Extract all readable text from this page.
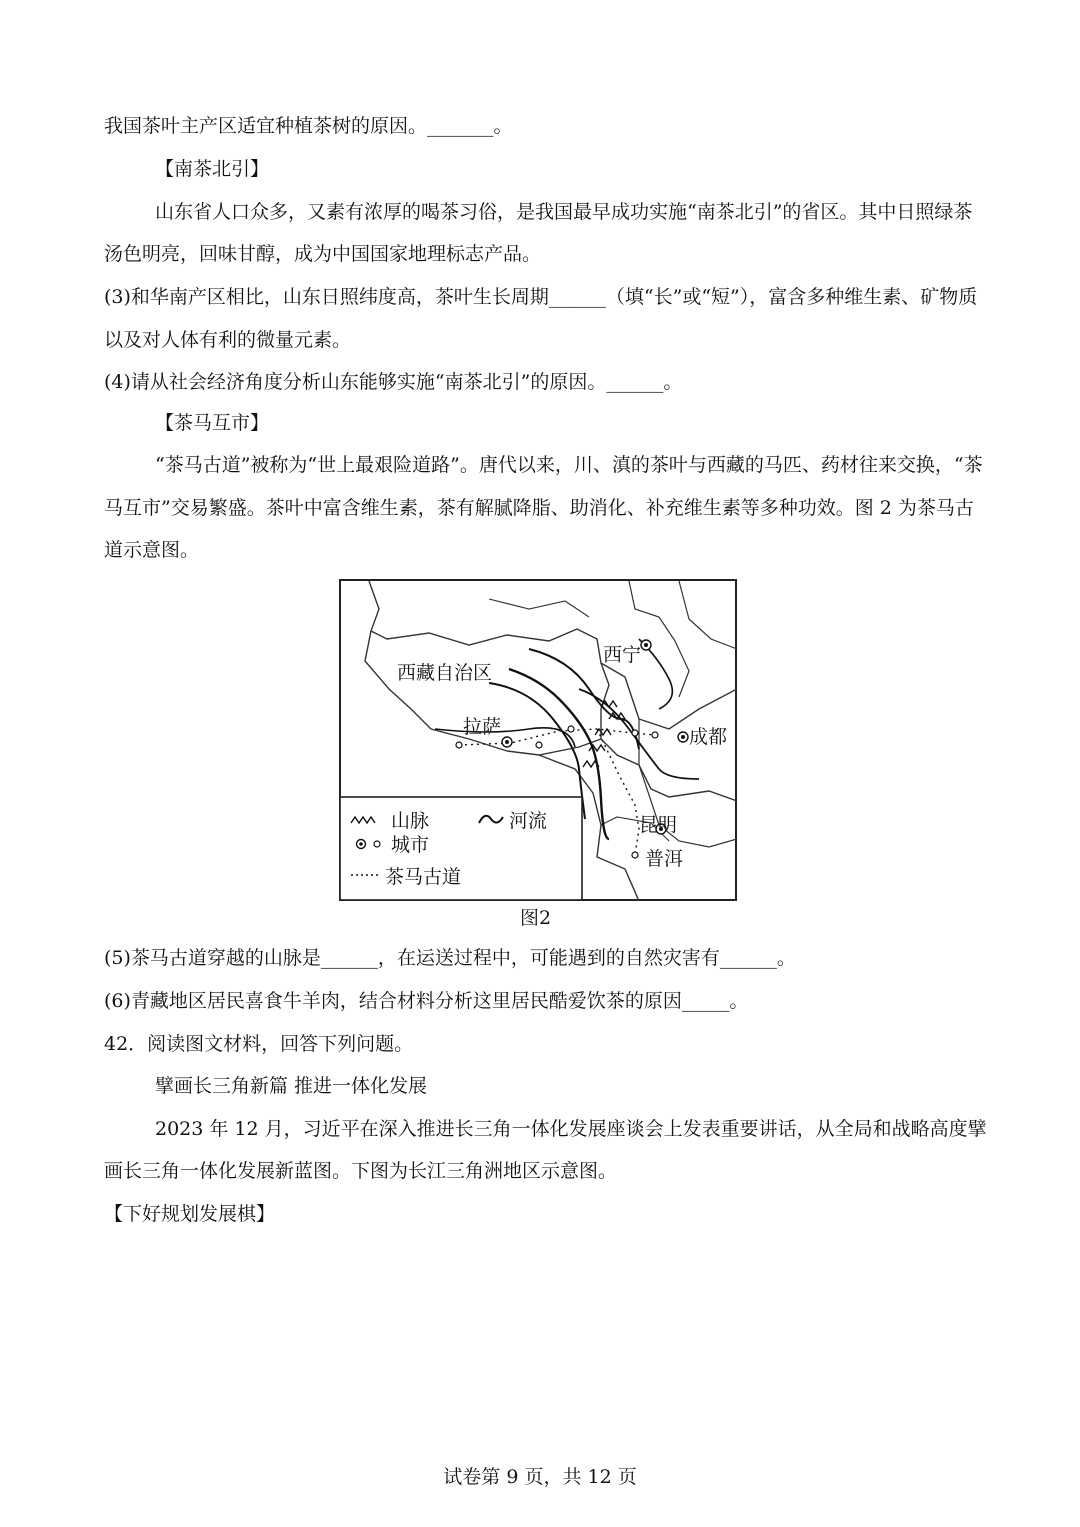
我国茶叶主产区适宜种植茶树的原因。_______。
【南茶北引】
山东省人口众多，又素有浓厚的喝茶习俗，是我国最早成功实施“南茶北引”的省区。其中日照绿茶
汤色明亮，回味甘醇，成为中国国家地理标志产品。
(3)和华南产区相比，山东日照纬度高，茶叶生长周期______（填“长”或“短”），富含多种维生素、矿物质
以及对人体有利的微量元素。
(4)请从社会经济角度分析山东能够实施“南茶北引”的原因。______。
【茶马互市】
“茶马古道”被称为“世上最艰险道路”。唐代以来，川、滇的茶叶与西藏的马匹、药材往来交换，“茶
马互市”交易繁盛。茶叶中富含维生素，茶有解腻降脂、助消化、补充维生素等多种功效。图 2 为茶马古
道示意图。
西藏自治区
西宁
拉萨	成都
昆明
普洱
山脉	河流
城市
茶马古道
图2
(5)茶马古道穿越的山脉是______，在运送过程中，可能遇到的自然灾害有______。
(6)青藏地区居民喜食牛羊肉，结合材料分析这里居民酷爱饮茶的原因_____。
42．阅读图文材料，回答下列问题。
擘画长三角新篇 推进一体化发展
2023 年 12 月，习近平在深入推进长三角一体化发展座谈会上发表重要讲话，从全局和战略高度擘
画长三角一体化发展新蓝图。下图为长江三角洲地区示意图。
【下好规划发展棋】
试卷第 9 页，共 12 页
